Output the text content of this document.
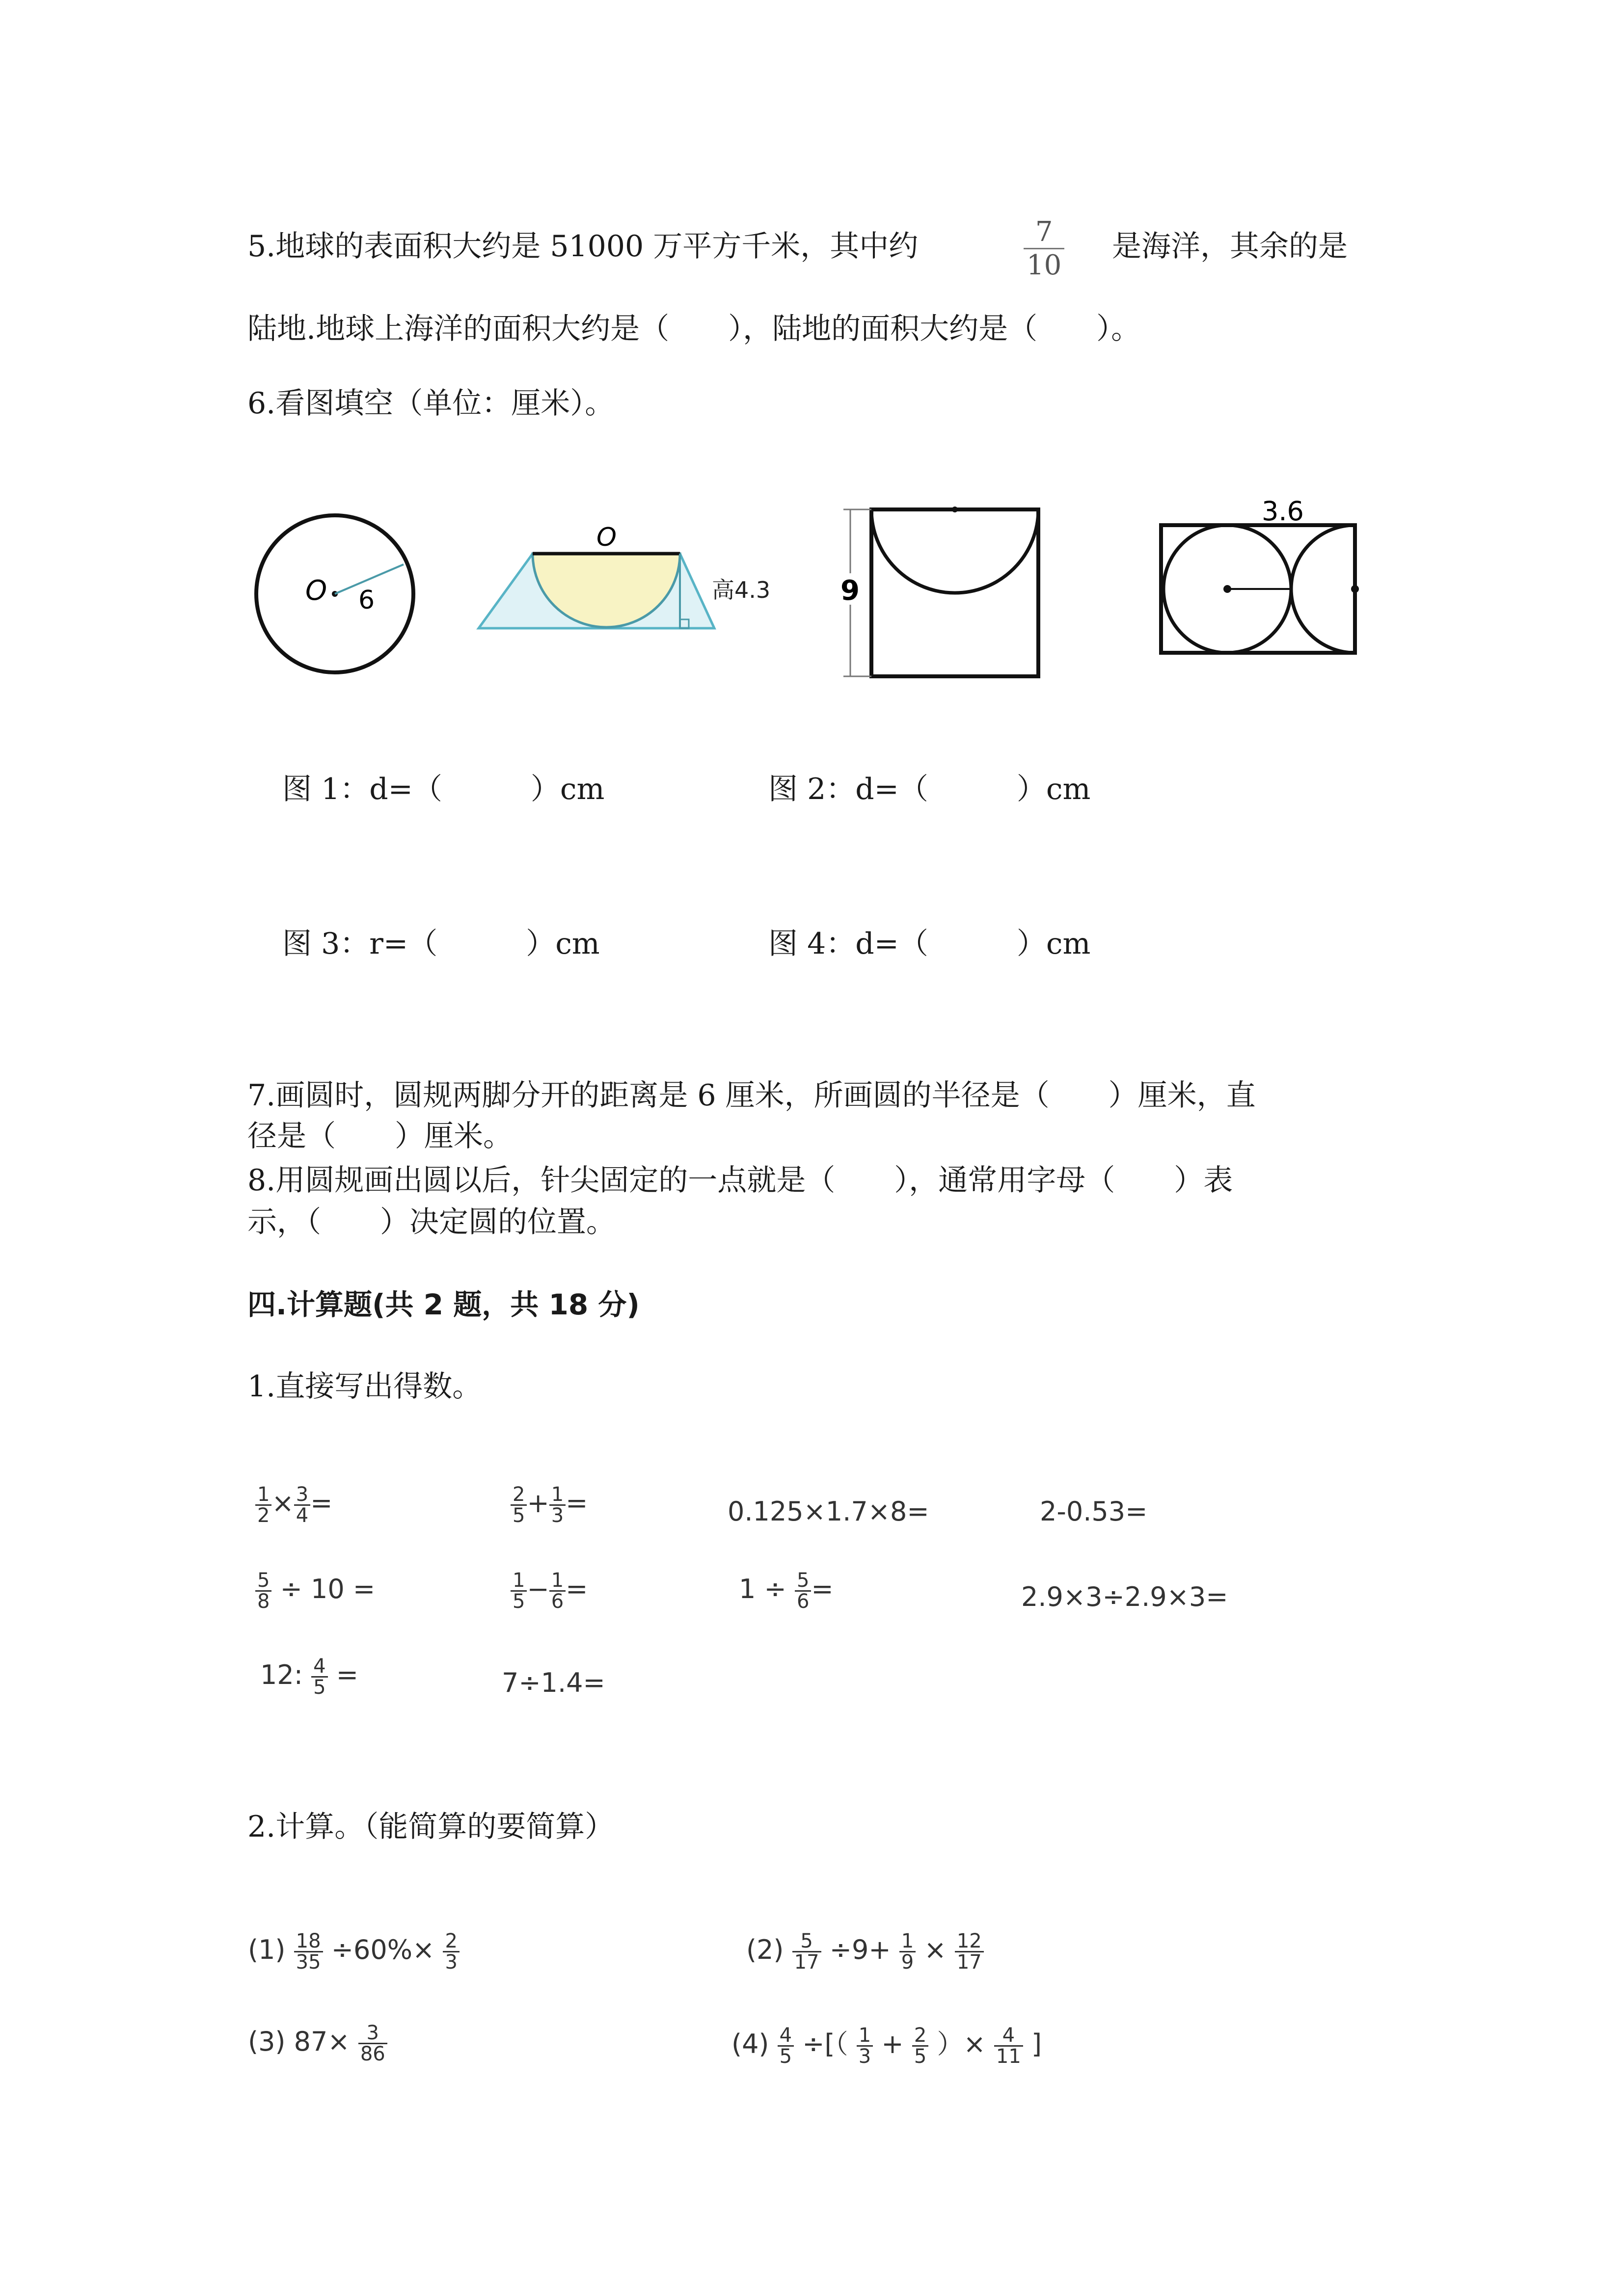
5.地球的表面积大约是 51000 万平方千米，其中约	$\frac{7}{10}$ 是海洋，其余的是
陆地.地球上海洋的面积大约是（　　），陆地的面积大约是（　　）。
6.看图填空（单位：厘米）。
O 6
O
高4.3	9
3.6
图 1：d=（　　　）cm	图 2：d=（　　　）cm
图 3：r=（　　　）cm	图 4：d=（　　　）cm
7.画圆时，圆规两脚分开的距离是 6 厘米，所画圆的半径是（　　）厘米，直
径是（　　）厘米。
8.用圆规画出圆以后，针尖固定的一点就是（　　），通常用字母（　　）表
示，（　　）决定圆的位置。
四.计算题(共 2 题，共 18 分)
1.直接写出得数。
$\frac{1}{2} \times \frac{3}{4}$ =	$\frac{2}{5} + \frac{1}{3}$ =	0.125×1.7×8=	2-0.53=
$\frac{5}{8} \div 10$ =	$\frac{1}{5} - \frac{1}{6}$ =	$1 \div \frac{5}{6}$ =	2.9×3÷2.9×3=
12: $\frac{4}{5}$ =	7÷1.4=
2.计算。（能简算的要简算）
$(1) \frac{18}{35} \div 60\%\times \frac{2}{3}$	$(2) \frac{5}{17} \div 9+ \frac{1}{9} \times \frac{12}{17}$
(3) $87\times \frac{3}{86}$	$(4) \frac{4}{5}$ ÷[（ $\frac{1}{3} + \frac{2}{5}$ ）× $\frac{4}{11}$ ]
